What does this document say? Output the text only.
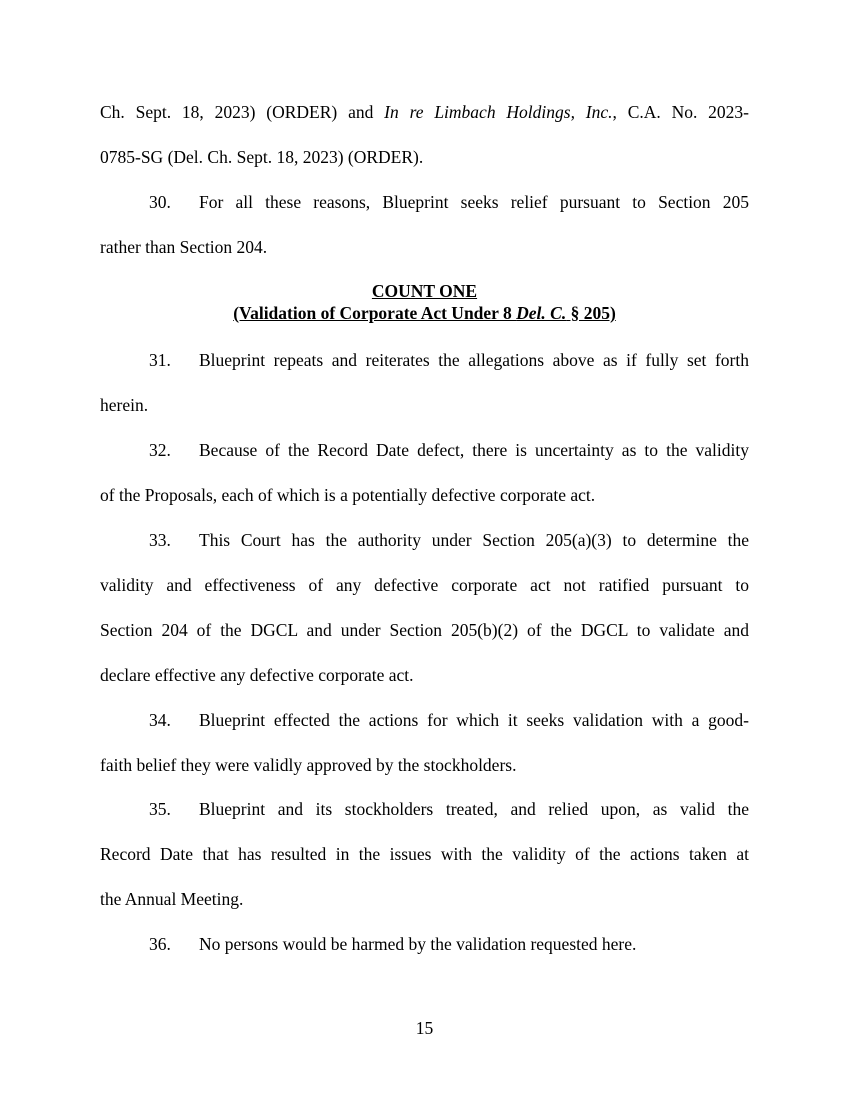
Ch. Sept. 18, 2023) (ORDER) and In re Limbach Holdings, Inc., C.A. No. 2023-
0785-SG (Del. Ch. Sept. 18, 2023) (ORDER).
30. For all these reasons, Blueprint seeks relief pursuant to Section 205
rather than Section 204.
COUNT ONE
(Validation of Corporate Act Under 8 Del. C. § 205)
31. Blueprint repeats and reiterates the allegations above as if fully set forth
herein.
32. Because of the Record Date defect, there is uncertainty as to the validity
of the Proposals, each of which is a potentially defective corporate act.
33. This Court has the authority under Section 205(a)(3) to determine the
validity and effectiveness of any defective corporate act not ratified pursuant to
Section 204 of the DGCL and under Section 205(b)(2) of the DGCL to validate and
declare effective any defective corporate act.
34. Blueprint effected the actions for which it seeks validation with a good-
faith belief they were validly approved by the stockholders.
35. Blueprint and its stockholders treated, and relied upon, as valid the
Record Date that has resulted in the issues with the validity of the actions taken at
the Annual Meeting.
36. No persons would be harmed by the validation requested here.
15
